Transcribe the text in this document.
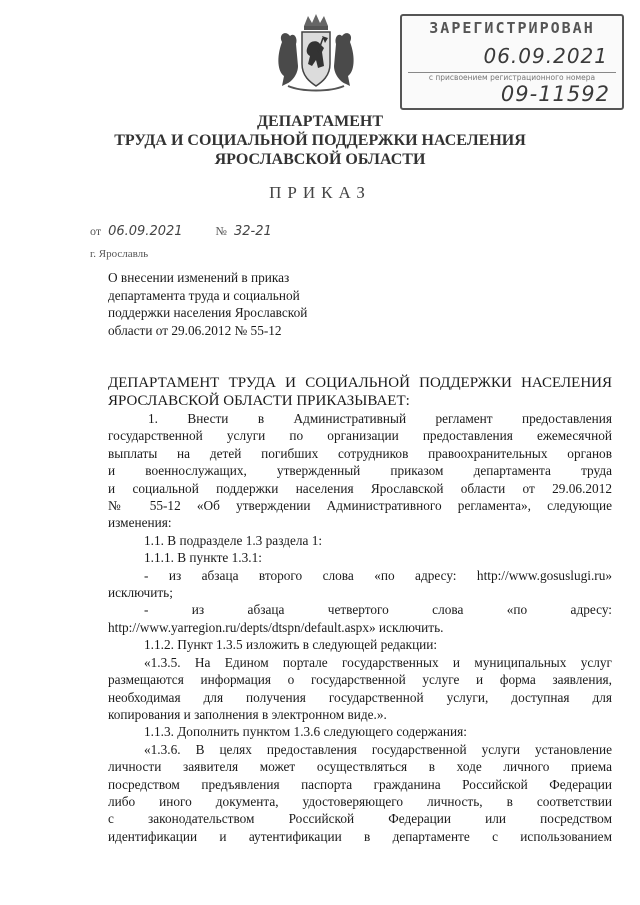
ЗАРЕГИСТРИРОВАН
06.09.2021
с присвоением регистрационного номера
09-11592
ДЕПАРТАМЕНТ
ТРУДА И СОЦИАЛЬНОЙ ПОДДЕРЖКИ НАСЕЛЕНИЯ
ЯРОСЛАВСКОЙ ОБЛАСТИ
ПРИКАЗ
от 06.09.2021	№ 32-21
г. Ярославль
О внесении изменений в приказ
департамента труда и социальной
поддержки населения Ярославской
области от 29.06.2012 № 55-12
ДЕПАРТАМЕНТ ТРУДА И СОЦИАЛЬНОЙ ПОДДЕРЖКИ НАСЕЛЕНИЯ
ЯРОСЛАВСКОЙ ОБЛАСТИ ПРИКАЗЫВАЕТ:
1. Внести в Административный регламент предоставления
государственной услуги по организации предоставления ежемесячной
выплаты на детей погибших сотрудников правоохранительных органов
и военнослужащих, утвержденный приказом департамента труда
и социальной поддержки населения Ярославской области от 29.06.2012
№ 55-12 «Об утверждении Административного регламента», следующие
изменения:
1.1. В подразделе 1.3 раздела 1:
1.1.1. В пункте 1.3.1:
- из абзаца второго слова «по адресу: http://www.gosuslugi.ru»
исключить;
- из абзаца четвертого слова «по адресу:
http://www.yarregion.ru/depts/dtspn/default.aspx» исключить.
1.1.2. Пункт 1.3.5 изложить в следующей редакции:
«1.3.5. На Едином портале государственных и муниципальных услуг
размещаются информация о государственной услуге и форма заявления,
необходимая для получения государственной услуги, доступная для
копирования и заполнения в электронном виде.».
1.1.3. Дополнить пунктом 1.3.6 следующего содержания:
«1.3.6. В целях предоставления государственной услуги установление
личности заявителя может осуществляться в ходе личного приема
посредством предъявления паспорта гражданина Российской Федерации
либо иного документа, удостоверяющего личность, в соответствии
с законодательством Российской Федерации или посредством
идентификации и аутентификации в департаменте с использованием
